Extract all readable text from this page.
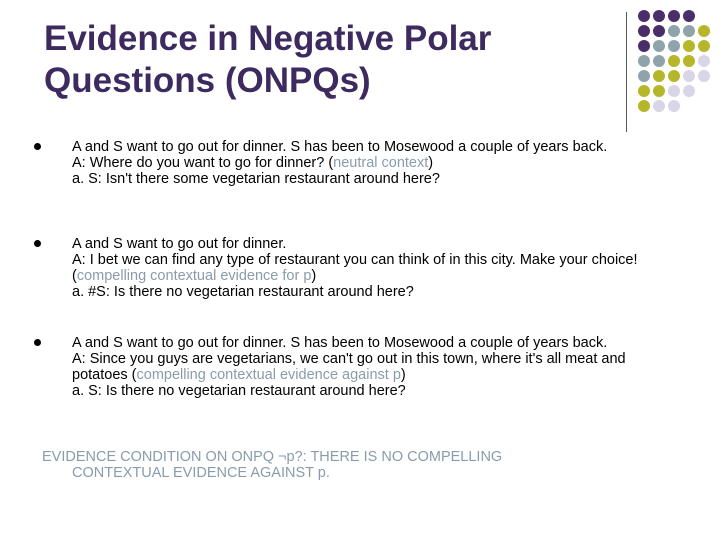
Evidence in Negative Polar
Questions (ONPQs)
A and S want to go out for dinner. S has been to Mosewood a couple of years back.
A: Where do you want to go for dinner? (neutral context)
a. S: Isn't there some vegetarian restaurant around here?
A and S want to go out for dinner.
A: I bet we can find any type of restaurant you can think of in this city. Make your choice! (compelling contextual evidence for p)
a. #S: Is there no vegetarian restaurant around here?
A and S want to go out for dinner. S has been to Mosewood a couple of years back.
A: Since you guys are vegetarians, we can't go out in this town, where it's all meat and potatoes (compelling contextual evidence against p)
a. S: Is there no vegetarian restaurant around here?
EVIDENCE CONDITION ON ONPQ ¬p?: THERE IS NO COMPELLING
CONTEXTUAL EVIDENCE AGAINST p.
